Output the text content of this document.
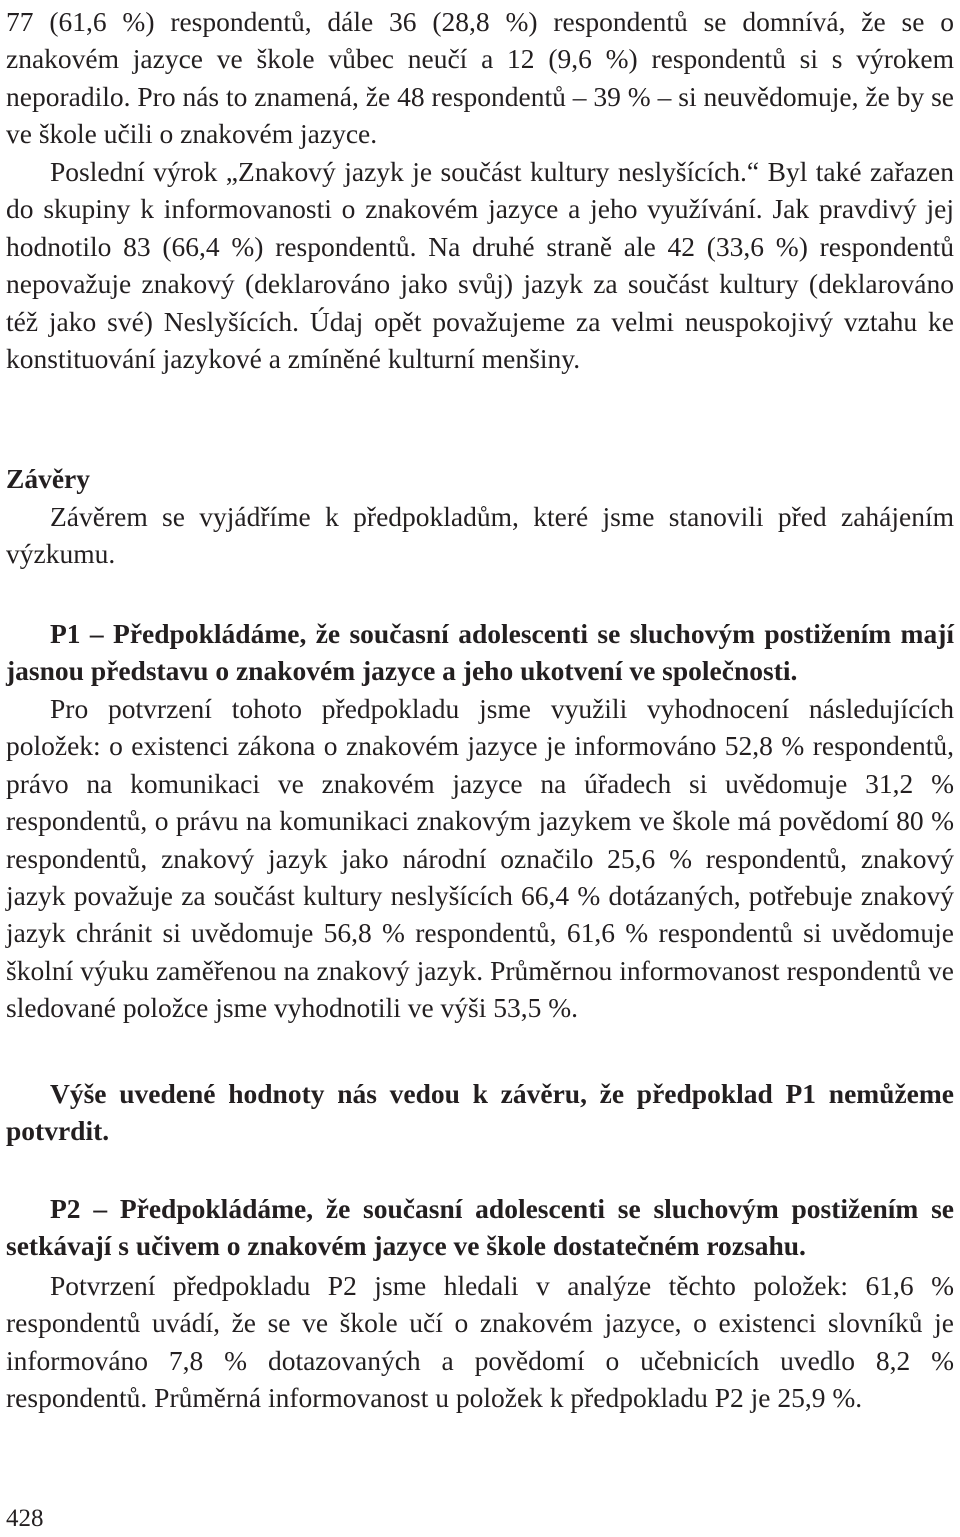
77 (61,6 %) respondentů, dále 36 (28,8 %) respondentů se domnívá, že se o znakovém jazyce ve škole vůbec neučí a 12 (9,6 %) respondentů si s výrokem neporadilo. Pro nás to znamená, že 48 respondentů – 39 % – si neuvědomuje, že by se ve škole učili o znakovém jazyce.

Poslední výrok „Znakový jazyk je součást kultury neslyšících.“ Byl také zařazen do skupiny k informovanosti o znakovém jazyce a jeho využívání. Jak pravdivý jej hodnotilo 83 (66,4 %) respondentů. Na druhé straně ale 42 (33,6 %) respondentů nepovažuje znakový (deklarováno jako svůj) jazyk za součást kultury (deklarováno též jako své) Neslyšících. Údaj opět považujeme za velmi neuspokojivý vztahu ke konstituování jazykové a zmíněné kulturní menšiny.

Závěry

Závěrem se vyjádříme k předpokladům, které jsme stanovili před zahájením výzkumu.

P1 – Předpokládáme, že současní adolescenti se sluchovým postižením mají jasnou představu o znakovém jazyce a jeho ukotvení ve společnosti.

Pro potvrzení tohoto předpokladu jsme využili vyhodnocení následujících položek: o existenci zákona o znakovém jazyce je informováno 52,8 % respondentů, právo na komunikaci ve znakovém jazyce na úřadech si uvědomuje 31,2 % respondentů, o právu na komunikaci znakovým jazykem ve škole má povědomí 80 % respondentů, znakový jazyk jako národní označilo 25,6 % respondentů, znakový jazyk považuje za součást kultury neslyšících 66,4 % dotázaných, potřebuje znakový jazyk chránit si uvědomuje 56,8 % respondentů, 61,6 % respondentů si uvědomuje školní výuku zaměřenou na znakový jazyk. Průměrnou informovanost respondentů ve sledované položce jsme vyhodnotili ve výši 53,5 %.

Výše uvedené hodnoty nás vedou k závěru, že předpoklad P1 nemůžeme potvrdit.

P2 – Předpokládáme, že současní adolescenti se sluchovým postižením se setkávají s učivem o znakovém jazyce ve škole dostatečném rozsahu.

Potvrzení předpokladu P2 jsme hledali v analýze těchto položek: 61,6 % respondentů uvádí, že se ve škole učí o znakovém jazyce, o existenci slovníků je informováno 7,8 % dotazovaných a povědomí o učebnicích uvedlo 8,2 % respondentů. Průměrná informovanost u položek k předpokladu P2 je 25,9 %.

428
